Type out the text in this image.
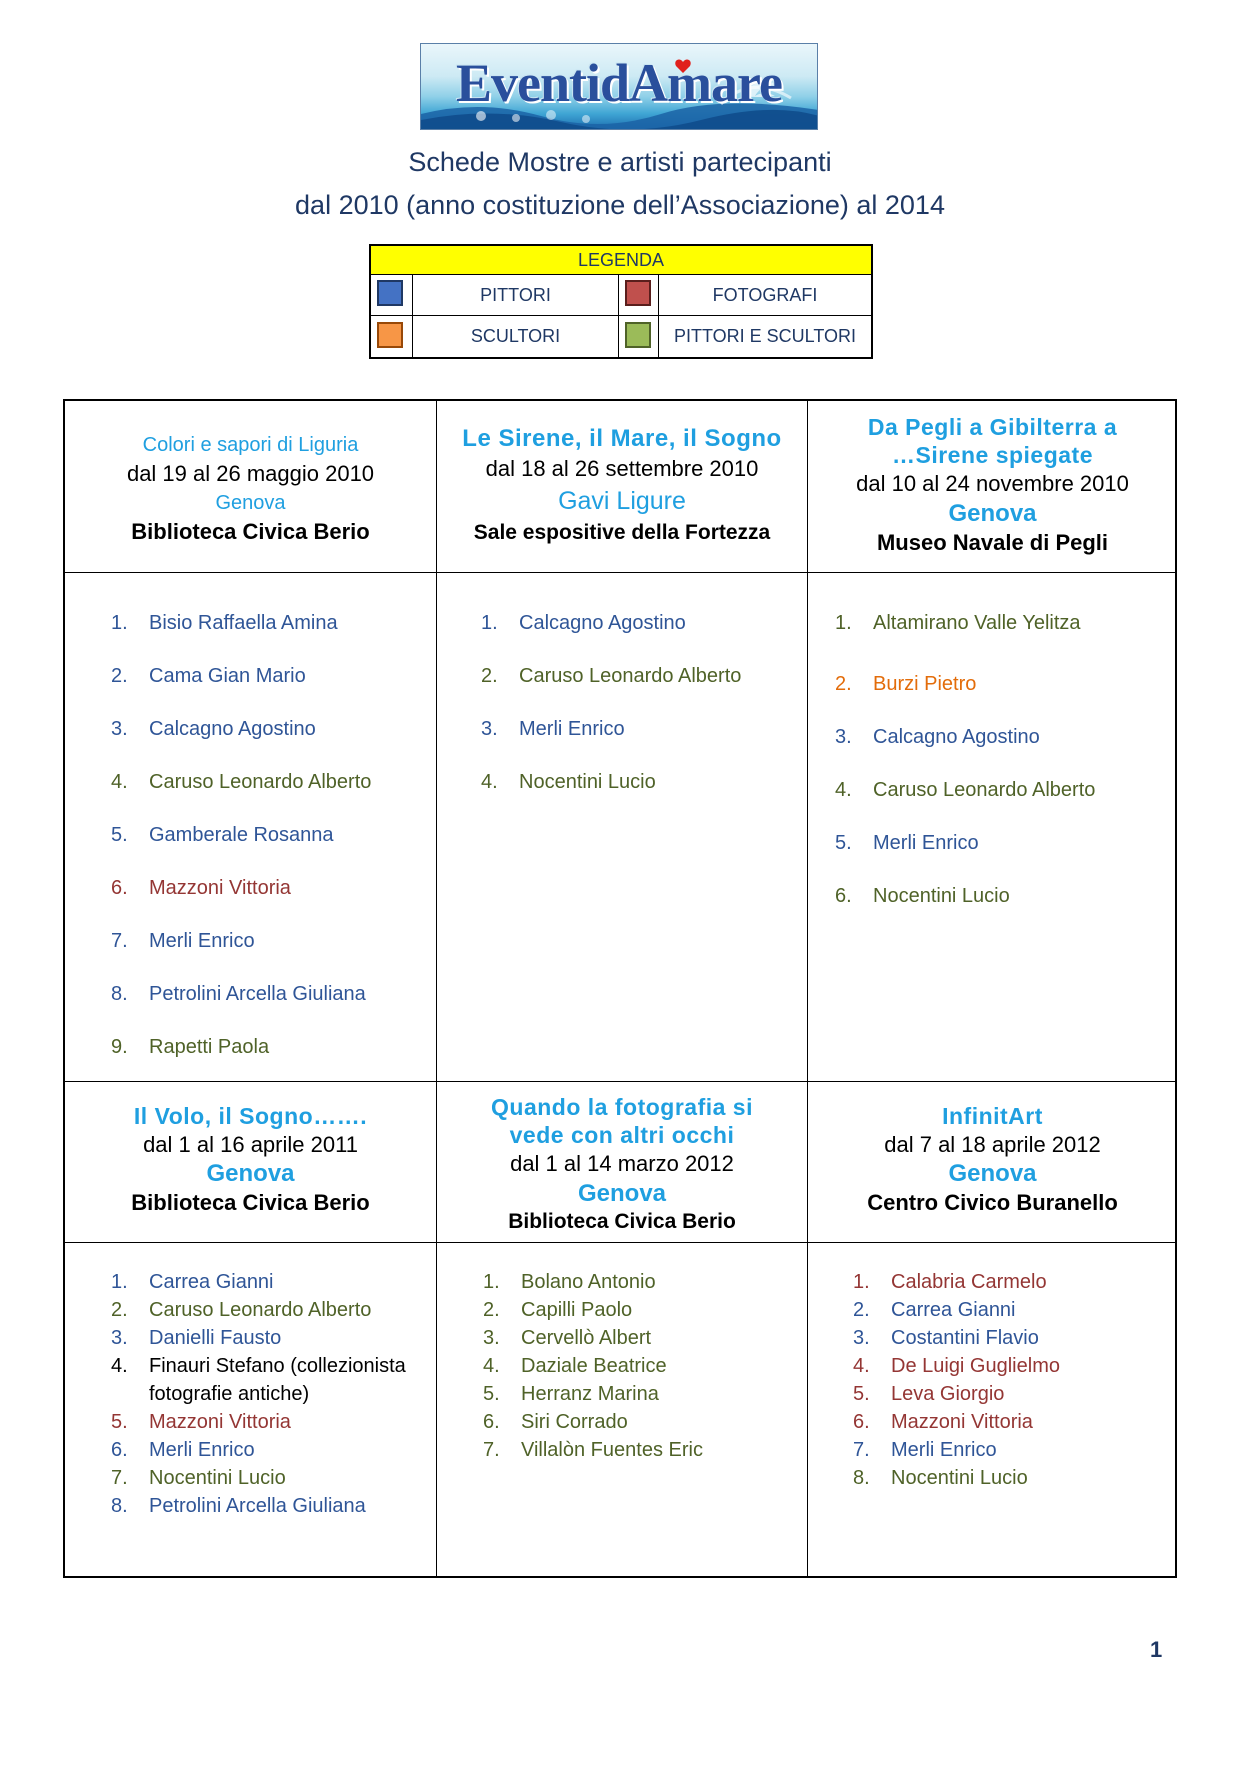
EventidAmare
Schede Mostre e artisti partecipanti
dal 2010 (anno costituzione dell’Associazione) al 2014
LEGENDA
PITTORI	FOTOGRAFI
SCULTORI	PITTORI E SCULTORI
Colori e sapori di Liguria
dal 19 al 26 maggio 2010
Genova
Biblioteca Civica Berio
Le Sirene, il Mare, il Sogno
dal 18 al 26 settembre 2010
Gavi Ligure
Sale espositive della Fortezza
Da Pegli a Gibilterra a
…Sirene spiegate
dal 10 al 24 novembre 2010
Genova
Museo Navale di Pegli
Il Volo, il Sogno…….
dal 1 al 16 aprile 2011
Genova
Biblioteca Civica Berio
Quando la fotografia si
vede con altri occhi
dal 1 al 14 marzo 2012
Genova
Biblioteca Civica Berio
InfinitArt
dal 7 al 18 aprile 2012
Genova
Centro Civico Buranello
1. Bisio Raffaella Amina
2. Cama Gian Mario
3. Calcagno Agostino
4. Caruso Leonardo Alberto
5. Gamberale Rosanna
6. Mazzoni Vittoria
7. Merli Enrico
8. Petrolini Arcella Giuliana
9. Rapetti Paola
1. Calcagno Agostino
2. Caruso Leonardo Alberto
3. Merli Enrico
4. Nocentini Lucio
1. Altamirano Valle Yelitza
2. Burzi Pietro
3. Calcagno Agostino
4. Caruso Leonardo Alberto
5. Merli Enrico
6. Nocentini Lucio
1. Carrea Gianni
2. Caruso Leonardo Alberto
3. Danielli Fausto
4. Finauri Stefano (collezionista
fotografie antiche)
5. Mazzoni Vittoria
6. Merli Enrico
7. Nocentini Lucio
8. Petrolini Arcella Giuliana
1. Bolano Antonio
2. Capilli Paolo
3. Cervellò Albert
4. Daziale Beatrice
5. Herranz Marina
6. Siri Corrado
7. Villalòn Fuentes Eric
1. Calabria Carmelo
2. Carrea Gianni
3. Costantini Flavio
4. De Luigi Guglielmo
5. Leva Giorgio
6. Mazzoni Vittoria
7. Merli Enrico
8. Nocentini Lucio
1
